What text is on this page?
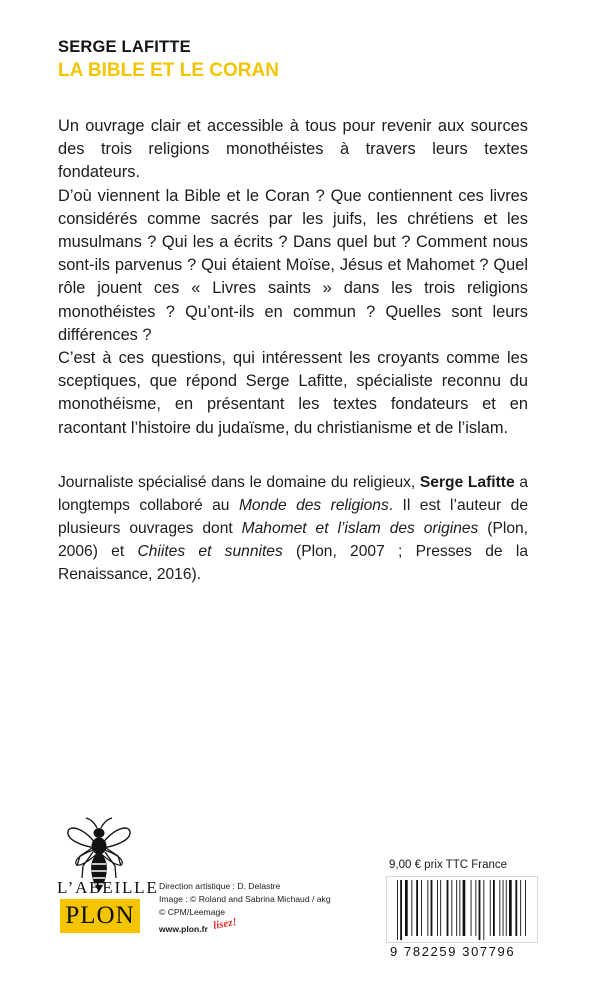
SERGE LAFITTE
LA BIBLE ET LE CORAN

Un ouvrage clair et accessible à tous pour revenir aux sources des trois religions monothéistes à travers leurs textes fondateurs.

D’où viennent la Bible et le Coran ? Que contiennent ces livres considérés comme sacrés par les juifs, les chrétiens et les musulmans ? Qui les a écrits ? Dans quel but ? Comment nous sont-ils parvenus ? Qui étaient Moïse, Jésus et Mahomet ? Quel rôle jouent ces « Livres saints » dans les trois religions monothéistes ? Qu’ont-ils en commun ? Quelles sont leurs différences ?

C’est à ces questions, qui intéressent les croyants comme les sceptiques, que répond Serge Lafitte, spécialiste reconnu du monothéisme, en présentant les textes fondateurs et en racontant l’histoire du judaïsme, du christianisme et de l’islam.

Journaliste spécialisé dans le domaine du religieux, Serge Lafitte a longtemps collaboré au Monde des religions. Il est l’auteur de plusieurs ouvrages dont Mahomet et l’islam des origines (Plon, 2006) et Chiites et sunnites (Plon, 2007 ; Presses de la Renaissance, 2016).

L’ABEILLE
PLON
Direction artistique : D. Delastre
Image : © Roland and Sabrina Michaud / akg
© CPM/Leemage
www.plon.fr lisez!
9,00 € prix TTC France
9 782259 307796
